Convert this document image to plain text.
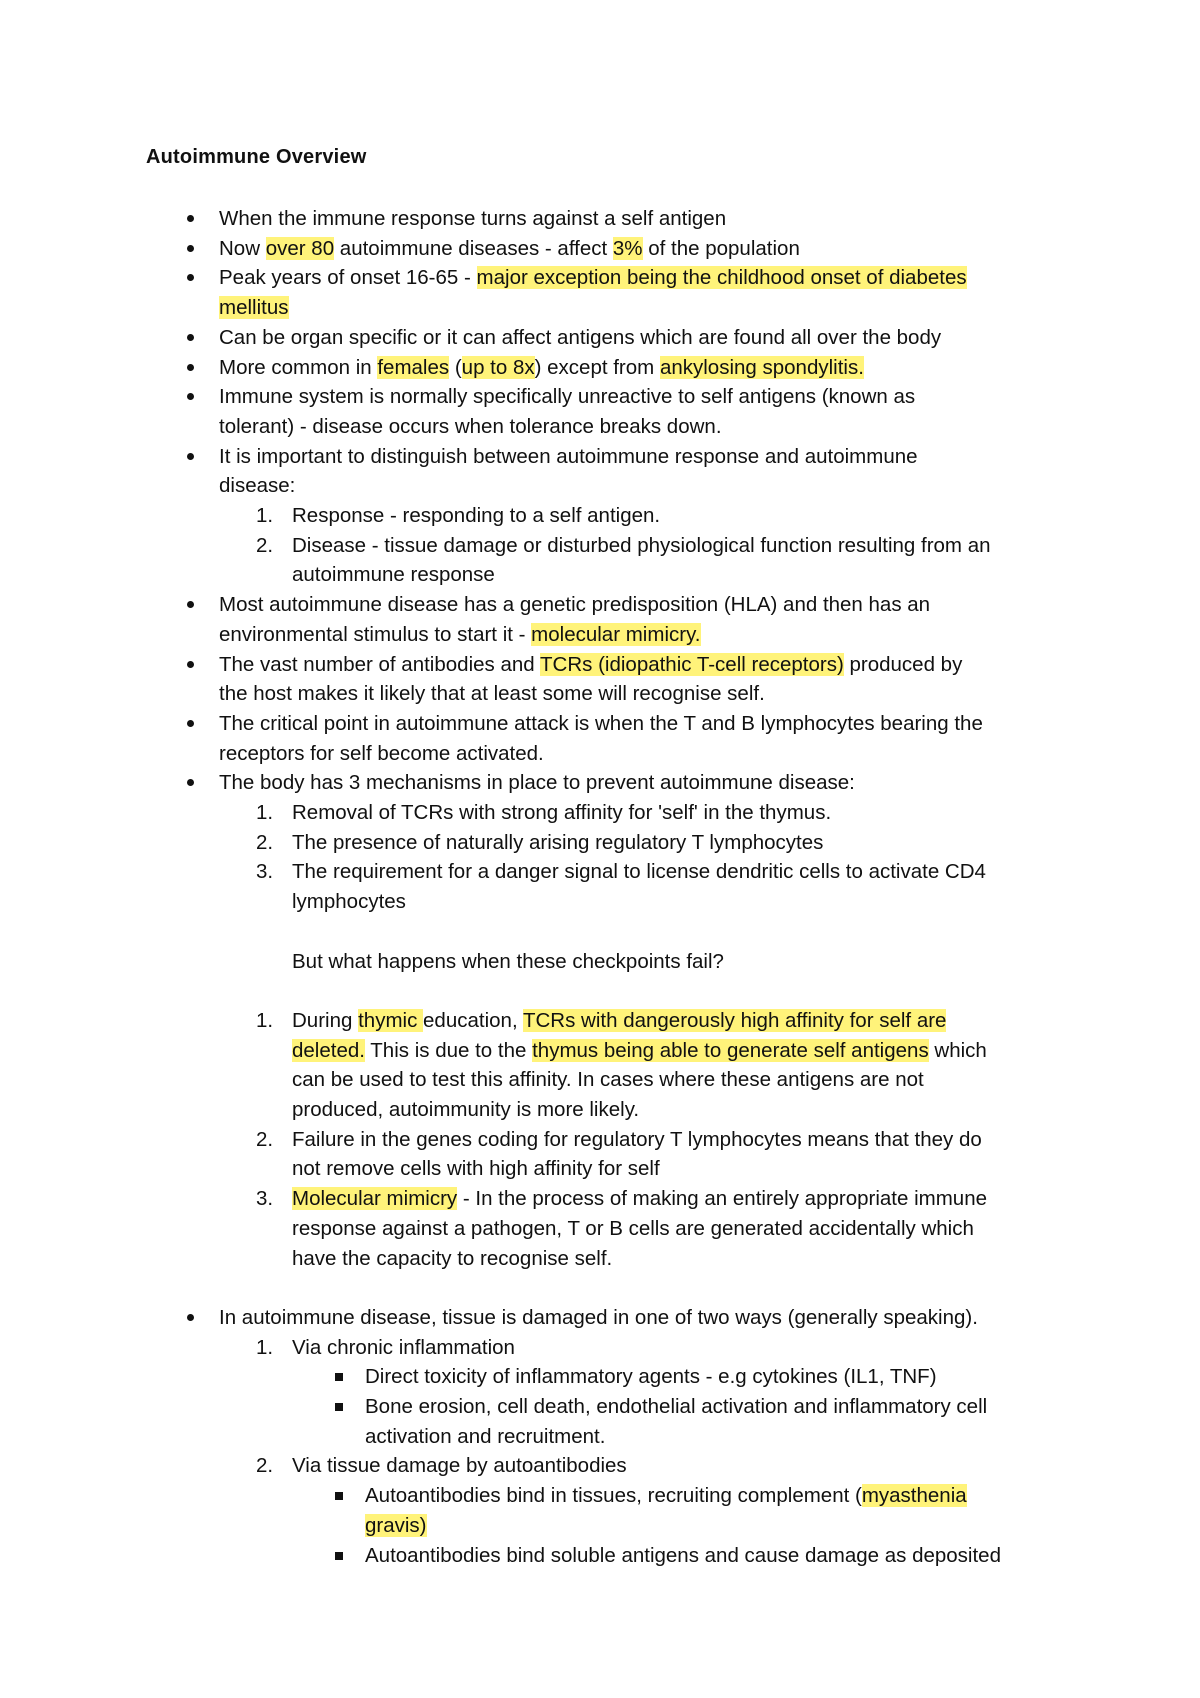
Autoimmune Overview
When the immune response turns against a self antigen
Now over 80 autoimmune diseases - affect 3% of the population
Peak years of onset 16-65 - major exception being the childhood onset of diabetes
mellitus
Can be organ specific or it can affect antigens which are found all over the body
More common in females (up to 8x) except from ankylosing spondylitis.
Immune system is normally specifically unreactive to self antigens (known as
tolerant) - disease occurs when tolerance breaks down.
It is important to distinguish between autoimmune response and autoimmune
disease:
1. Response - responding to a self antigen.
2. Disease - tissue damage or disturbed physiological function resulting from an
autoimmune response
Most autoimmune disease has a genetic predisposition (HLA) and then has an
environmental stimulus to start it - molecular mimicry.
The vast number of antibodies and TCRs (idiopathic T-cell receptors) produced by
the host makes it likely that at least some will recognise self.
The critical point in autoimmune attack is when the T and B lymphocytes bearing the
receptors for self become activated.
The body has 3 mechanisms in place to prevent autoimmune disease:
1. Removal of TCRs with strong affinity for 'self' in the thymus.
2. The presence of naturally arising regulatory T lymphocytes
3. The requirement for a danger signal to license dendritic cells to activate CD4
lymphocytes
But what happens when these checkpoints fail?
1. During thymic education, TCRs with dangerously high affinity for self are
deleted. This is due to the thymus being able to generate self antigens which
can be used to test this affinity. In cases where these antigens are not
produced, autoimmunity is more likely.
2. Failure in the genes coding for regulatory T lymphocytes means that they do
not remove cells with high affinity for self
3. Molecular mimicry - In the process of making an entirely appropriate immune
response against a pathogen, T or B cells are generated accidentally which
have the capacity to recognise self.
In autoimmune disease, tissue is damaged in one of two ways (generally speaking).
1. Via chronic inflammation
Direct toxicity of inflammatory agents - e.g cytokines (IL1, TNF)
Bone erosion, cell death, endothelial activation and inflammatory cell
activation and recruitment.
2. Via tissue damage by autoantibodies
Autoantibodies bind in tissues, recruiting complement (myasthenia
gravis)
Autoantibodies bind soluble antigens and cause damage as deposited
